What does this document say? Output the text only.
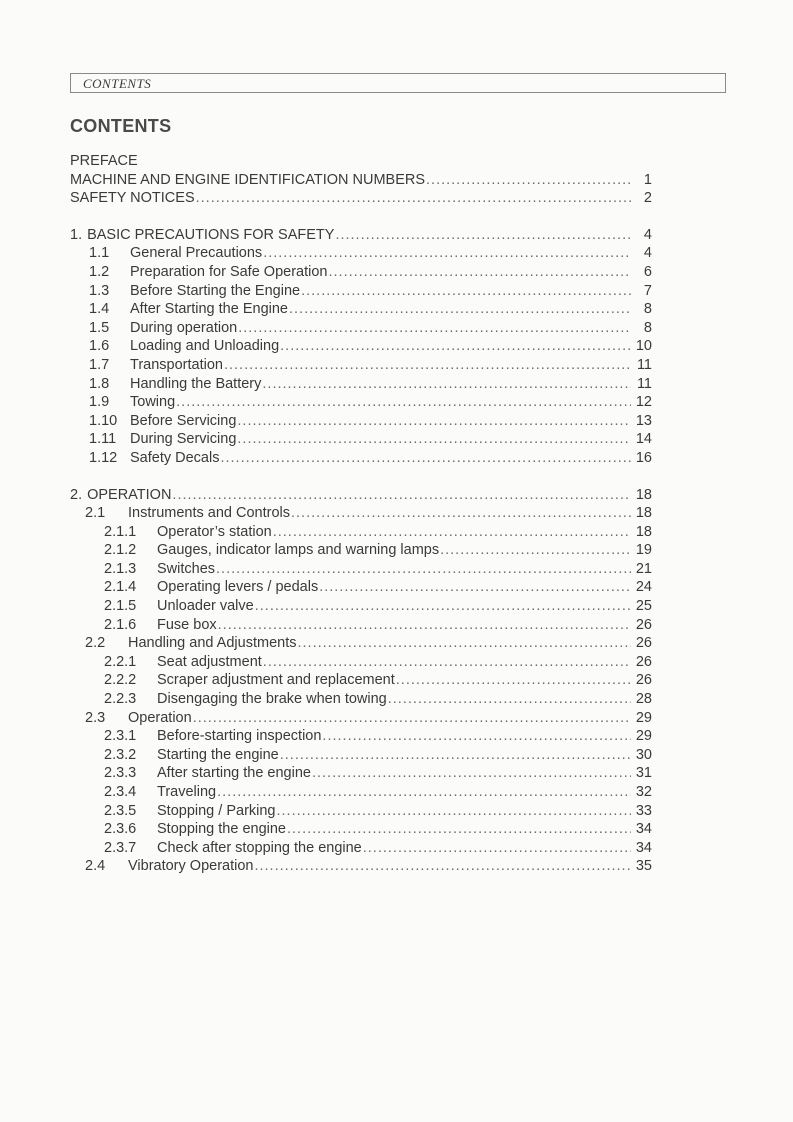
CONTENTS
CONTENTS
PREFACE
MACHINE AND ENGINE IDENTIFICATION NUMBERS .....	1
SAFETY NOTICES .....	2
1. BASIC PRECAUTIONS FOR SAFETY .....	4
1.1	General Precautions .....	4
1.2	Preparation for Safe Operation .....	6
1.3	Before Starting the Engine .....	7
1.4	After Starting the Engine .....	8
1.5	During operation .....	8
1.6	Loading and Unloading .....	10
1.7	Transportation .....	11
1.8	Handling the Battery .....	11
1.9	Towing .....	12
1.10 Before Servicing .....	13
1.11 During Servicing .....	14
1.12 Safety Decals .....	16
2. OPERATION .....	18
2.1	Instruments and Controls .....	18
2.1.1	Operator’s station .....	18
2.1.2	Gauges, indicator lamps and warning lamps .....	19
2.1.3	Switches .....	21
2.1.4	Operating levers / pedals .....	24
2.1.5	Unloader valve .....	25
2.1.6	Fuse box .....	26
2.2	Handling and Adjustments .....	26
2.2.1	Seat adjustment .....	26
2.2.2	Scraper adjustment and replacement .....	26
2.2.3	Disengaging the brake when towing .....	28
2.3	Operation .....	29
2.3.1	Before-starting inspection .....	29
2.3.2	Starting the engine .....	30
2.3.3	After starting the engine .....	31
2.3.4	Traveling .....	32
2.3.5	Stopping / Parking .....	33
2.3.6	Stopping the engine .....	34
2.3.7	Check after stopping the engine .....	34
2.4	Vibratory Operation .....	35
